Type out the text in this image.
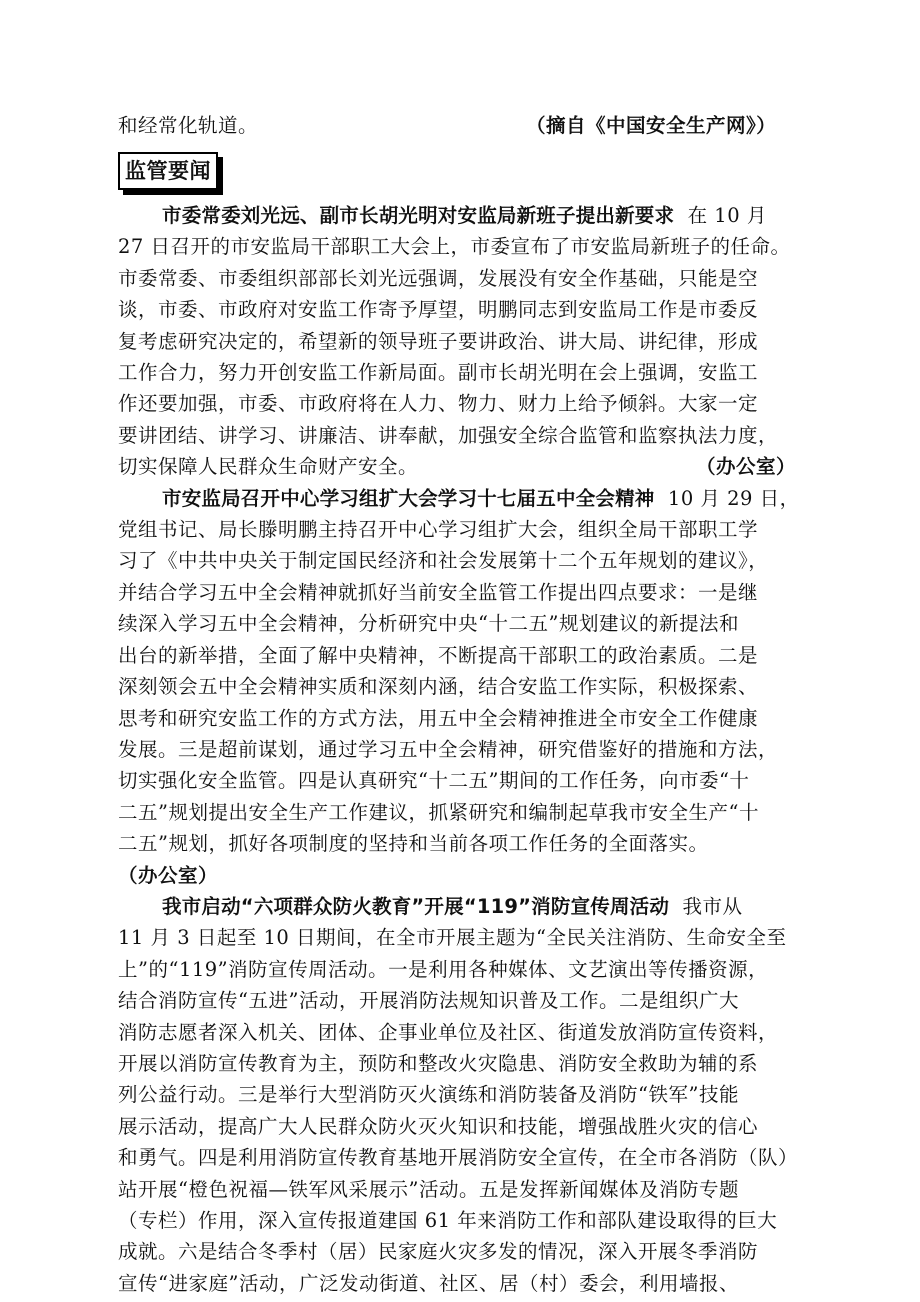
和经常化轨道。	（摘自《中国安全生产网》）
监管要闻
市委常委刘光远、副市长胡光明对安监局新班子提出新要求 在 10 月
27 日召开的市安监局干部职工大会上，市委宣布了市安监局新班子的任命。
市委常委、市委组织部部长刘光远强调，发展没有安全作基础，只能是空
谈，市委、市政府对安监工作寄予厚望，明鹏同志到安监局工作是市委反
复考虑研究决定的，希望新的领导班子要讲政治、讲大局、讲纪律，形成
工作合力，努力开创安监工作新局面。副市长胡光明在会上强调，安监工
作还要加强，市委、市政府将在人力、物力、财力上给予倾斜。大家一定
要讲团结、讲学习、讲廉洁、讲奉献，加强安全综合监管和监察执法力度，
切实保障人民群众生命财产安全。	（办公室）
市安监局召开中心学习组扩大会学习十七届五中全会精神 10 月 29 日，
党组书记、局长滕明鹏主持召开中心学习组扩大会，组织全局干部职工学
习了《中共中央关于制定国民经济和社会发展第十二个五年规划的建议》，
并结合学习五中全会精神就抓好当前安全监管工作提出四点要求：一是继
续深入学习五中全会精神，分析研究中央“十二五”规划建议的新提法和
出台的新举措，全面了解中央精神，不断提高干部职工的政治素质。二是
深刻领会五中全会精神实质和深刻内涵，结合安监工作实际，积极探索、
思考和研究安监工作的方式方法，用五中全会精神推进全市安全工作健康
发展。三是超前谋划，通过学习五中全会精神，研究借鉴好的措施和方法，
切实强化安全监管。四是认真研究“十二五”期间的工作任务，向市委“十
二五”规划提出安全生产工作建议，抓紧研究和编制起草我市安全生产“十
二五”规划，抓好各项制度的坚持和当前各项工作任务的全面落实。
（办公室）
我市启动“六项群众防火教育”开展“119”消防宣传周活动 我市从
11 月 3 日起至 10 日期间，在全市开展主题为“全民关注消防、生命安全至
上”的“119”消防宣传周活动。一是利用各种媒体、文艺演出等传播资源，
结合消防宣传“五进”活动，开展消防法规知识普及工作。二是组织广大
消防志愿者深入机关、团体、企事业单位及社区、街道发放消防宣传资料，
开展以消防宣传教育为主，预防和整改火灾隐患、消防安全救助为辅的系
列公益行动。三是举行大型消防灭火演练和消防装备及消防“铁军”技能
展示活动，提高广大人民群众防火灭火知识和技能，增强战胜火灾的信心
和勇气。四是利用消防宣传教育基地开展消防安全宣传，在全市各消防（队）
站开展“橙色祝福—铁军风采展示”活动。五是发挥新闻媒体及消防专题
（专栏）作用，深入宣传报道建国 61 年来消防工作和部队建设取得的巨大
成就。六是结合冬季村（居）民家庭火灾多发的情况，深入开展冬季消防
宣传“进家庭”活动，广泛发动街道、社区、居（村）委会，利用墙报、
